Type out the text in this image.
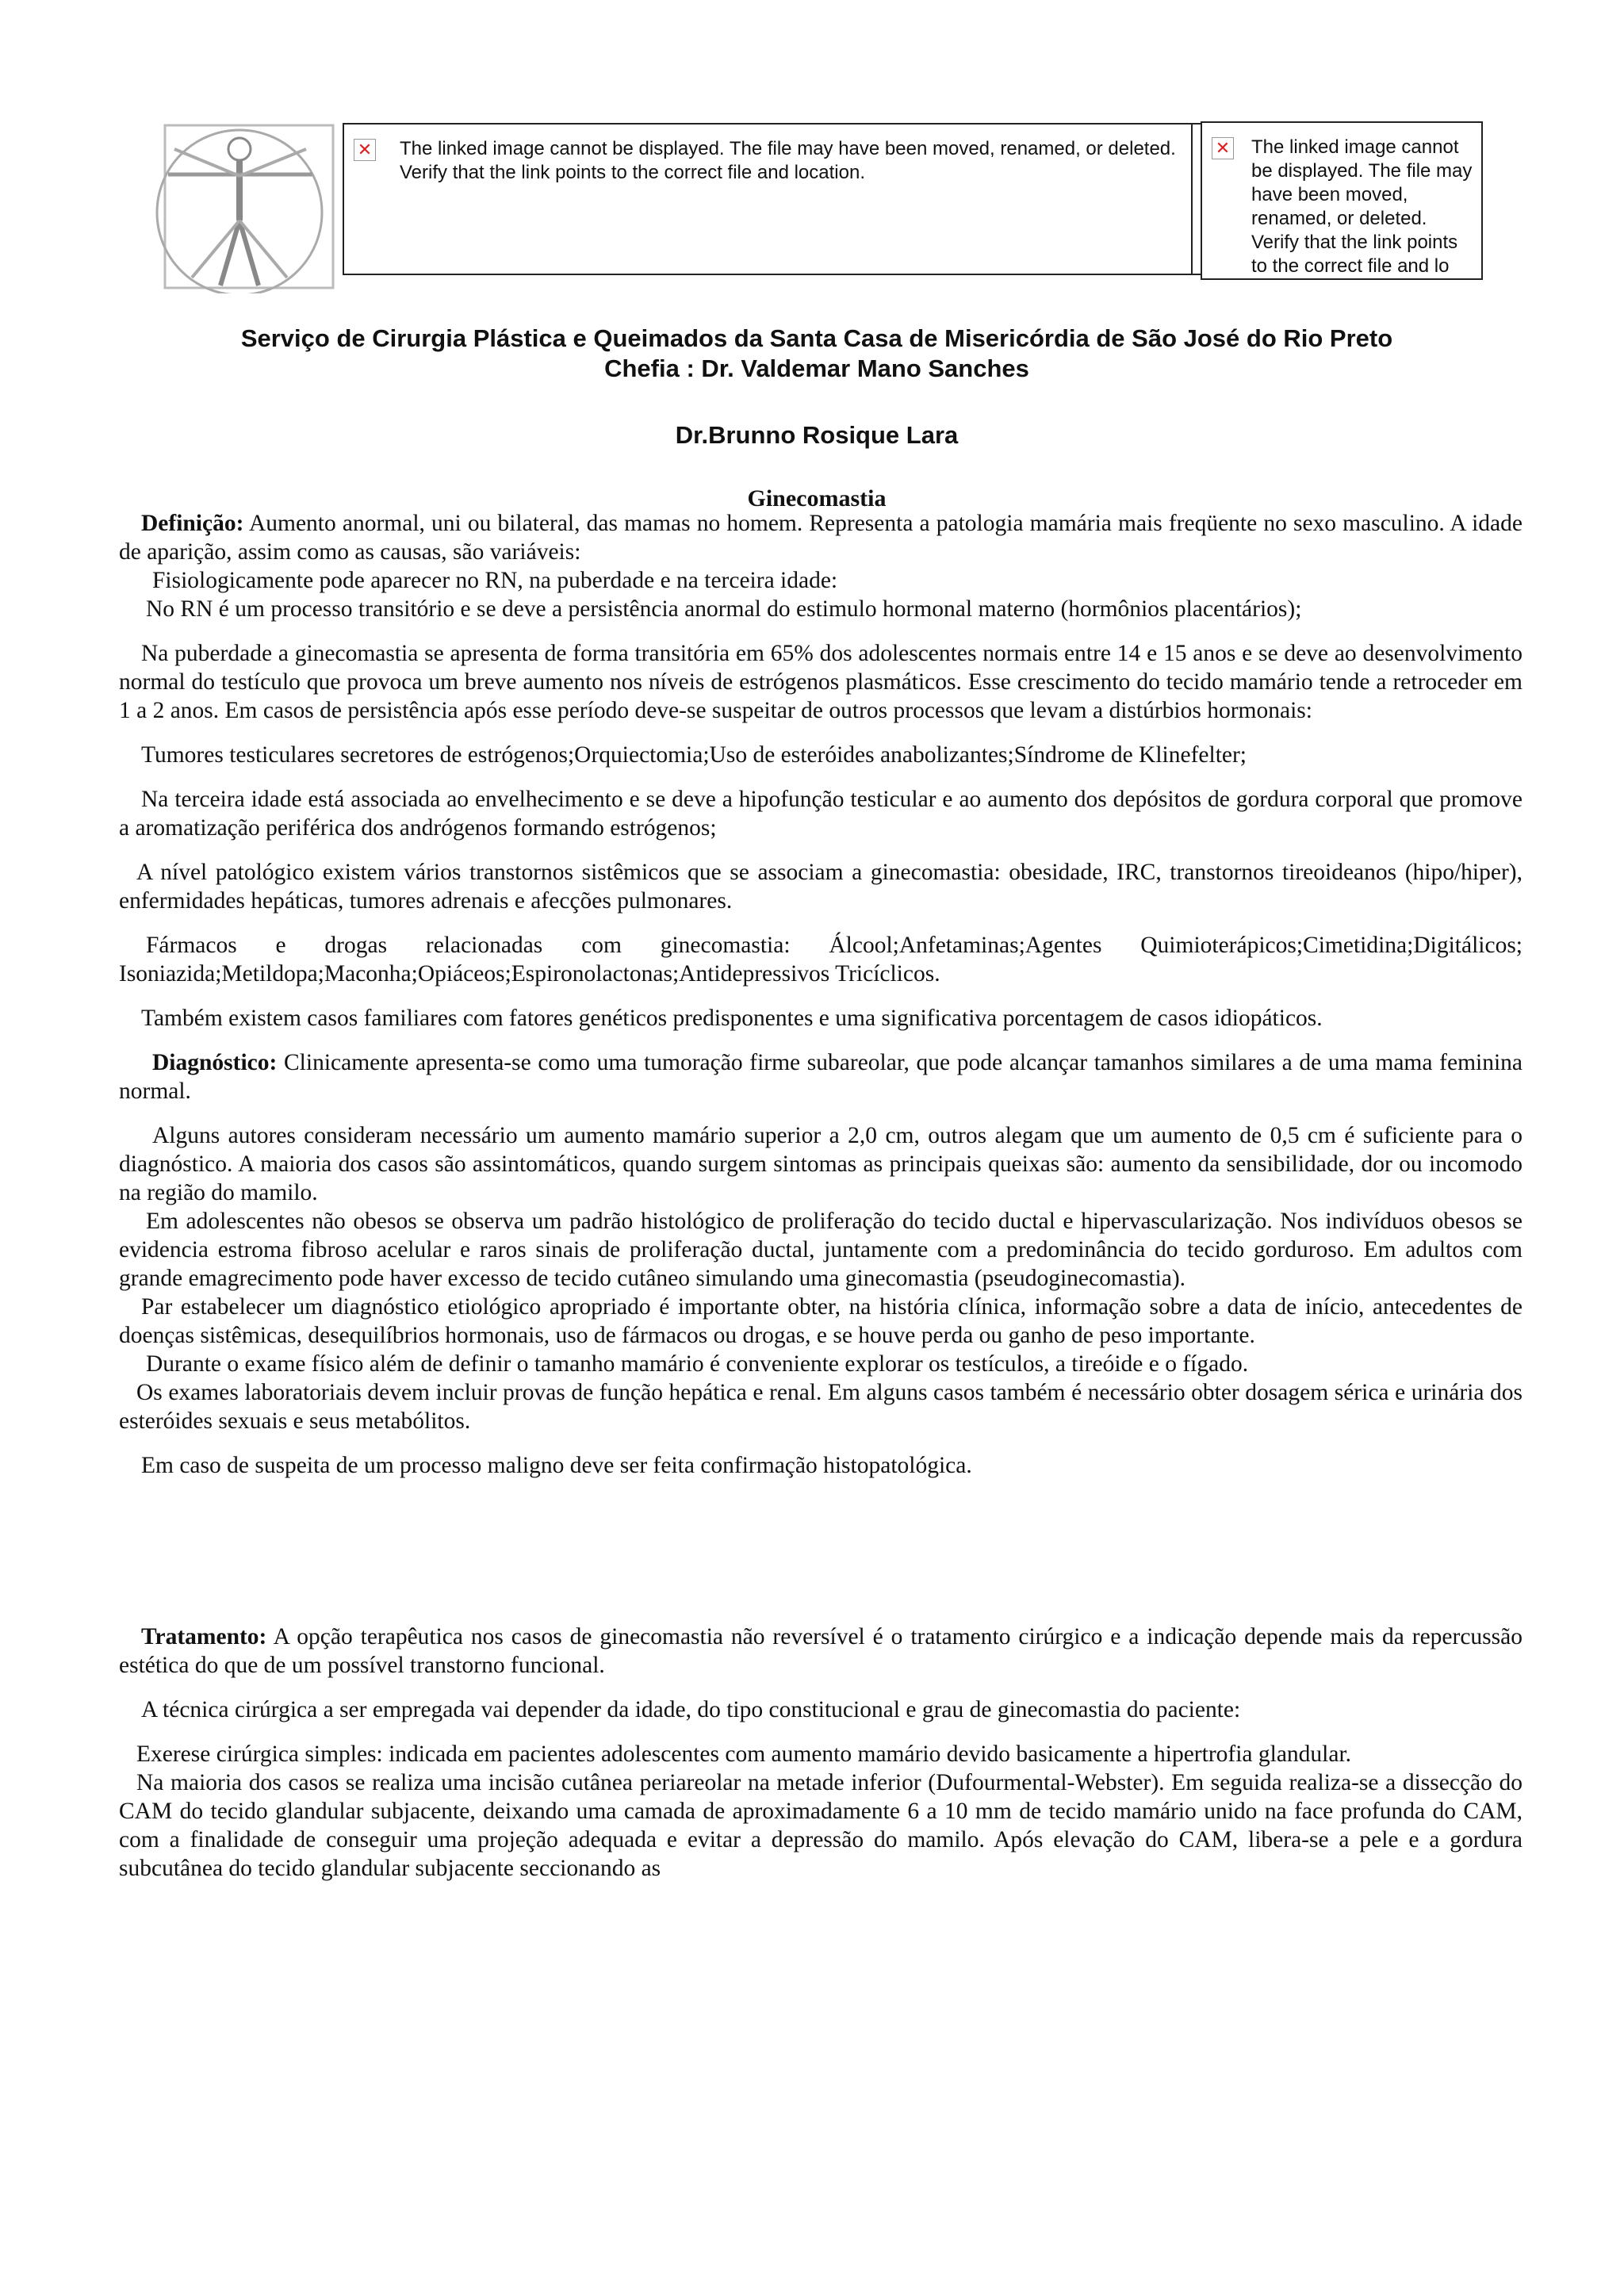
✕ The linked image cannot be displayed. The file may have been moved, renamed, or deleted. Verify that the link points to the correct file and location.
✕ The linked image cannot be displayed. The file may have been moved, renamed, or deleted. Verify that the link points to the correct file and lo
Serviço de Cirurgia Plástica e Queimados da Santa Casa de Misericórdia de São José do Rio Preto
Chefia : Dr. Valdemar Mano Sanches
Dr.Brunno Rosique Lara
Ginecomastia

Definição: Aumento anormal, uni ou bilateral, das mamas no homem. Representa a patologia mamária mais freqüente no sexo masculino. A idade de aparição, assim como as causas, são variáveis:

Fisiologicamente pode aparecer no RN, na puberdade e na terceira idade:

No RN é um processo transitório e se deve a persistência anormal do estimulo hormonal materno (hormônios placentários);

Na puberdade a ginecomastia se apresenta de forma transitória em 65% dos adolescentes normais entre 14 e 15 anos e se deve ao desenvolvimento normal do testículo que provoca um breve aumento nos níveis de estrógenos plasmáticos. Esse crescimento do tecido mamário tende a retroceder em 1 a 2 anos. Em casos de persistência após esse período deve-se suspeitar de outros processos que levam a distúrbios hormonais:

Tumores testiculares secretores de estrógenos;Orquiectomia;Uso de esteróides anabolizantes;Síndrome de Klinefelter;

Na terceira idade está associada ao envelhecimento e se deve a hipofunção testicular e ao aumento dos depósitos de gordura corporal que promove a aromatização periférica dos andrógenos formando estrógenos;

A nível patológico existem vários transtornos sistêmicos que se associam a ginecomastia: obesidade, IRC, transtornos tireoideanos (hipo/hiper), enfermidades hepáticas, tumores adrenais e afecções pulmonares.

Fármacos e drogas relacionadas com ginecomastia: Álcool;Anfetaminas;Agentes Quimioterápicos;Cimetidina;Digitálicos; Isoniazida;Metildopa;Maconha;Opiáceos;Espironolactonas;Antidepressivos Tricíclicos.

Também existem casos familiares com fatores genéticos predisponentes e uma significativa porcentagem de casos idiopáticos.

Diagnóstico: Clinicamente apresenta-se como uma tumoração firme subareolar, que pode alcançar tamanhos similares a de uma mama feminina normal.

Alguns autores consideram necessário um aumento mamário superior a 2,0 cm, outros alegam que um aumento de 0,5 cm é suficiente para o diagnóstico. A maioria dos casos são assintomáticos, quando surgem sintomas as principais queixas são: aumento da sensibilidade, dor ou incomodo na região do mamilo.

Em adolescentes não obesos se observa um padrão histológico de proliferação do tecido ductal e hipervascularização. Nos indivíduos obesos se evidencia estroma fibroso acelular e raros sinais de proliferação ductal, juntamente com a predominância do tecido gorduroso. Em adultos com grande emagrecimento pode haver excesso de tecido cutâneo simulando uma ginecomastia (pseudoginecomastia).

Par estabelecer um diagnóstico etiológico apropriado é importante obter, na história clínica, informação sobre a data de início, antecedentes de doenças sistêmicas, desequilíbrios hormonais, uso de fármacos ou drogas, e se houve perda ou ganho de peso importante.

Durante o exame físico além de definir o tamanho mamário é conveniente explorar os testículos, a tireóide e o fígado.

Os exames laboratoriais devem incluir provas de função hepática e renal. Em alguns casos também é necessário obter dosagem sérica e urinária dos esteróides sexuais e seus metabólitos.

Em caso de suspeita de um processo maligno deve ser feita confirmação histopatológica.

Tratamento: A opção terapêutica nos casos de ginecomastia não reversível é o tratamento cirúrgico e a indicação depende mais da repercussão estética do que de um possível transtorno funcional.

A técnica cirúrgica a ser empregada vai depender da idade, do tipo constitucional e grau de ginecomastia do paciente:

Exerese cirúrgica simples: indicada em pacientes adolescentes com aumento mamário devido basicamente a hipertrofia glandular.

Na maioria dos casos se realiza uma incisão cutânea periareolar na metade inferior (Dufourmental-Webster). Em seguida realiza-se a dissecção do CAM do tecido glandular subjacente, deixando uma camada de aproximadamente 6 a 10 mm de tecido mamário unido na face profunda do CAM, com a finalidade de conseguir uma projeção adequada e evitar a depressão do mamilo. Após elevação do CAM, libera-se a pele e a gordura subcutânea do tecido glandular subjacente seccionando as
